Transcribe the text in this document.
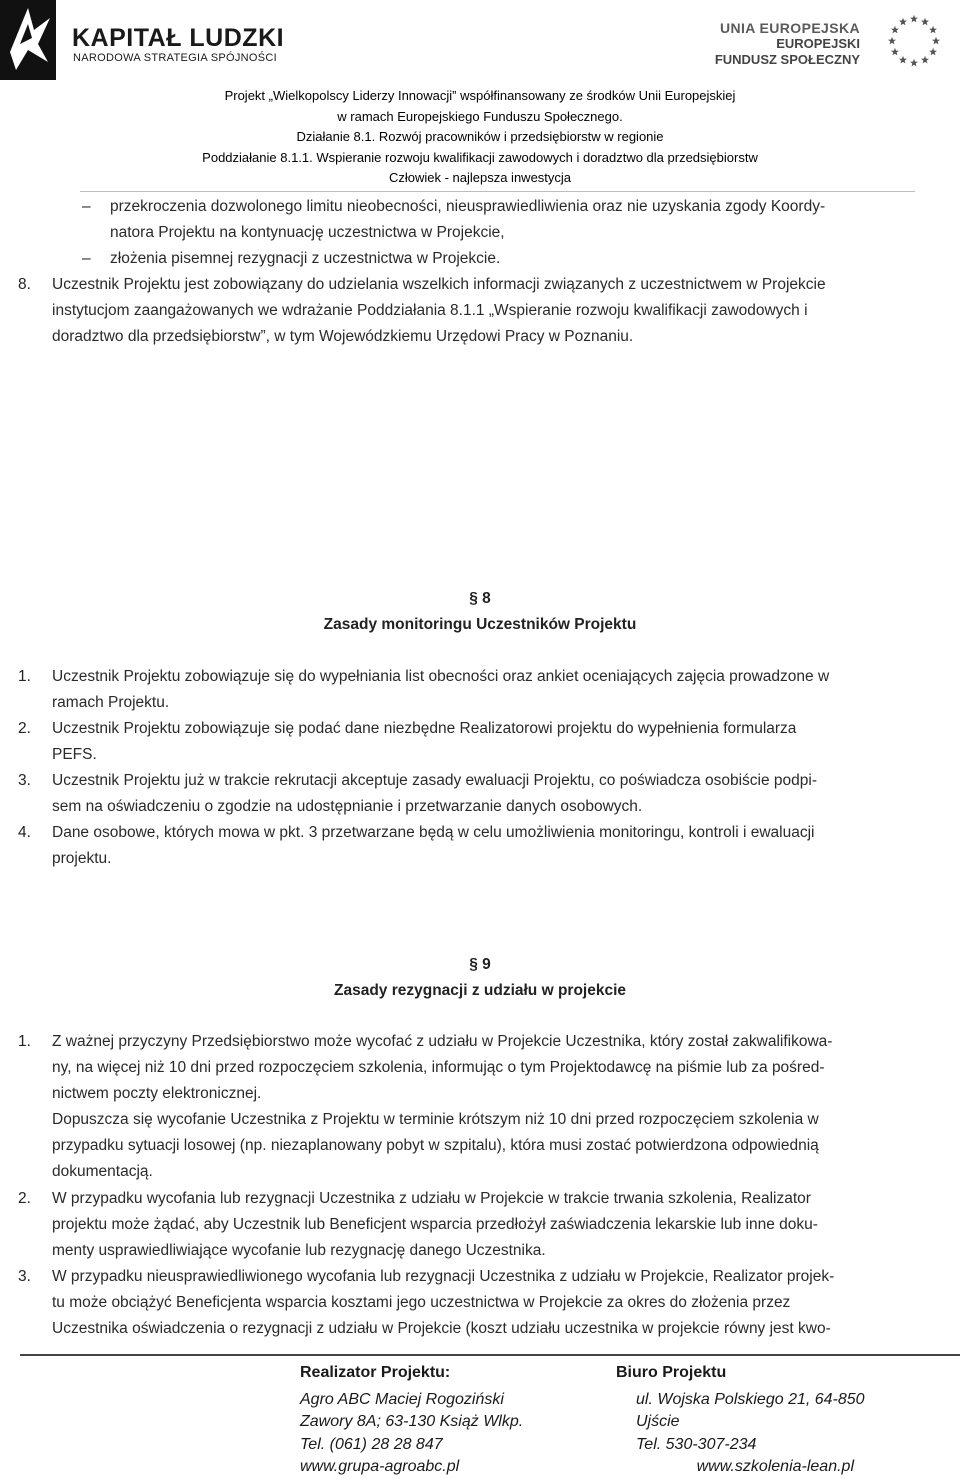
KAPITAŁ LUDZKI
NARODOWA STRATEGIA SPÓJNOŚCI
UNIA EUROPEJSKA
EUROPEJSKI
FUNDUSZ SPOŁECZNY
Projekt „Wielkopolscy Liderzy Innowacji” współfinansowany ze środków Unii Europejskiej
w ramach Europejskiego Funduszu Społecznego.
Działanie 8.1. Rozwój pracowników i przedsiębiorstw w regionie
Poddziałanie 8.1.1. Wspieranie rozwoju kwalifikacji zawodowych i doradztwo dla przedsiębiorstw
Człowiek - najlepsza inwestycja
– przekroczenia dozwolonego limitu nieobecności, nieusprawiedliwienia oraz nie uzyskania zgody Koordy-
natora Projektu na kontynuację uczestnictwa w Projekcie,
– złożenia pisemnej rezygnacji z uczestnictwa w Projekcie.
8. Uczestnik Projektu jest zobowiązany do udzielania wszelkich informacji związanych z uczestnictwem w Projekcie
instytucjom zaangażowanych we wdrażanie Poddziałania 8.1.1 „Wspieranie rozwoju kwalifikacji zawodowych i
doradztwo dla przedsiębiorstw”, w tym Wojewódzkiemu Urzędowi Pracy w Poznaniu.
§ 8
Zasady monitoringu Uczestników Projektu
1. Uczestnik Projektu zobowiązuje się do wypełniania list obecności oraz ankiet oceniających zajęcia prowadzone w
ramach Projektu.
2. Uczestnik Projektu zobowiązuje się podać dane niezbędne Realizatorowi projektu do wypełnienia formularza
PEFS.
3. Uczestnik Projektu już w trakcie rekrutacji akceptuje zasady ewaluacji Projektu, co poświadcza osobiście podpi-
sem na oświadczeniu o zgodzie na udostępnianie i przetwarzanie danych osobowych.
4. Dane osobowe, których mowa w pkt. 3 przetwarzane będą w celu umożliwienia monitoringu, kontroli i ewaluacji
projektu.
§ 9
Zasady rezygnacji z udziału w projekcie
1. Z ważnej przyczyny Przedsiębiorstwo może wycofać z udziału w Projekcie Uczestnika, który został zakwalifikowa-
ny, na więcej niż 10 dni przed rozpoczęciem szkolenia, informując o tym Projektodawcę na piśmie lub za pośred-
nictwem poczty elektronicznej.
Dopuszcza się wycofanie Uczestnika z Projektu w terminie krótszym niż 10 dni przed rozpoczęciem szkolenia w
przypadku sytuacji losowej (np. niezaplanowany pobyt w szpitalu), która musi zostać potwierdzona odpowiednią
dokumentacją.
2. W przypadku wycofania lub rezygnacji Uczestnika z udziału w Projekcie w trakcie trwania szkolenia, Realizator
projektu może żądać, aby Uczestnik lub Beneficjent wsparcia przedłożył zaświadczenia lekarskie lub inne doku-
menty usprawiedliwiające wycofanie lub rezygnację danego Uczestnika.
3. W przypadku nieusprawiedliwionego wycofania lub rezygnacji Uczestnika z udziału w Projekcie, Realizator projek-
tu może obciążyć Beneficjenta wsparcia kosztami jego uczestnictwa w Projekcie za okres do złożenia przez
Uczestnika oświadczenia o rezygnacji z udziału w Projekcie (koszt udziału uczestnika w projekcie równy jest kwo-
Realizator Projektu:
Agro ABC Maciej Rogoziński
Zawory 8A; 63-130 Książ Wlkp.
Tel. (061) 28 28 847
www.grupa-agroabc.pl
Biuro Projektu
ul. Wojska Polskiego 21, 64-850 Ujście
Tel. 530-307-234
www.szkolenia-lean.pl
